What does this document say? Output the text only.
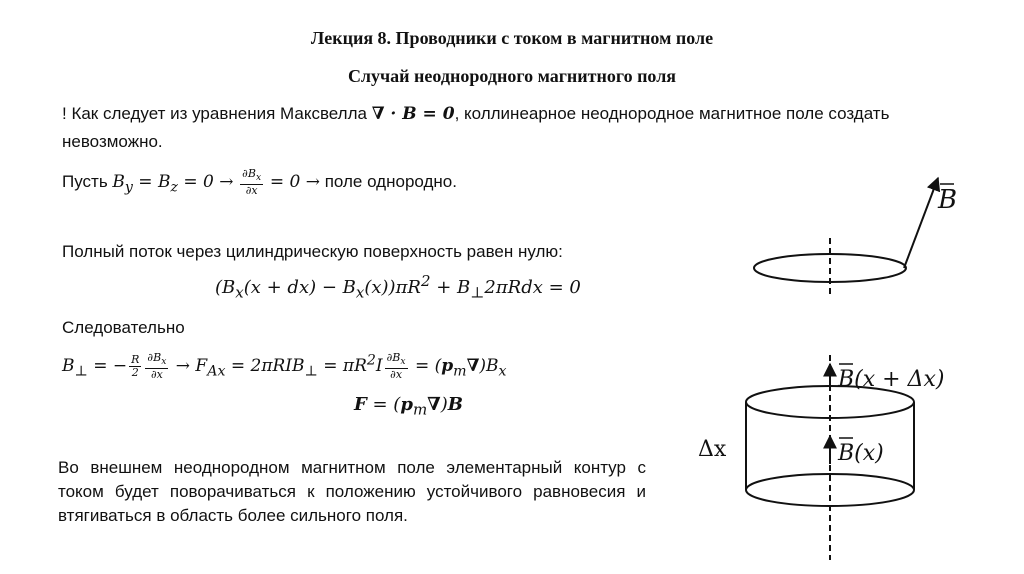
Лекция 8. Проводники с током в магнитном поле
Случай неоднородного магнитного поля
! Как следует из уравнения Максвелла ∇ · B = 0, коллинеарное неоднородное магнитное поле создать невозможно.
Пусть $B_y = B_z = 0 \to \frac{\partial B_x}{\partial x} = 0$ → поле однородно.
Полный поток через цилиндрическую поверхность равен нулю:
$(B_x(x + dx) - B_x(x))\pi R^2 + B_\perp 2\pi Rdx = 0$
Следовательно
$B_\perp$ = − $\frac{R}{2} \frac{\partial B_x}{\partial x} \to F_{Ax} = 2\pi RIB_\perp = \pi R^2I \frac{\partial B_x}{\partial x} = (p_m\nabla)B_x$
$F = (p_m\nabla)B$
Во внешнем неоднородном магнитном поле элементарный контур с током будет поворачиваться к положению устойчивого равновесия и втягиваться в область более сильного поля.
B
B(x + Δx)
B(x)
Δx
